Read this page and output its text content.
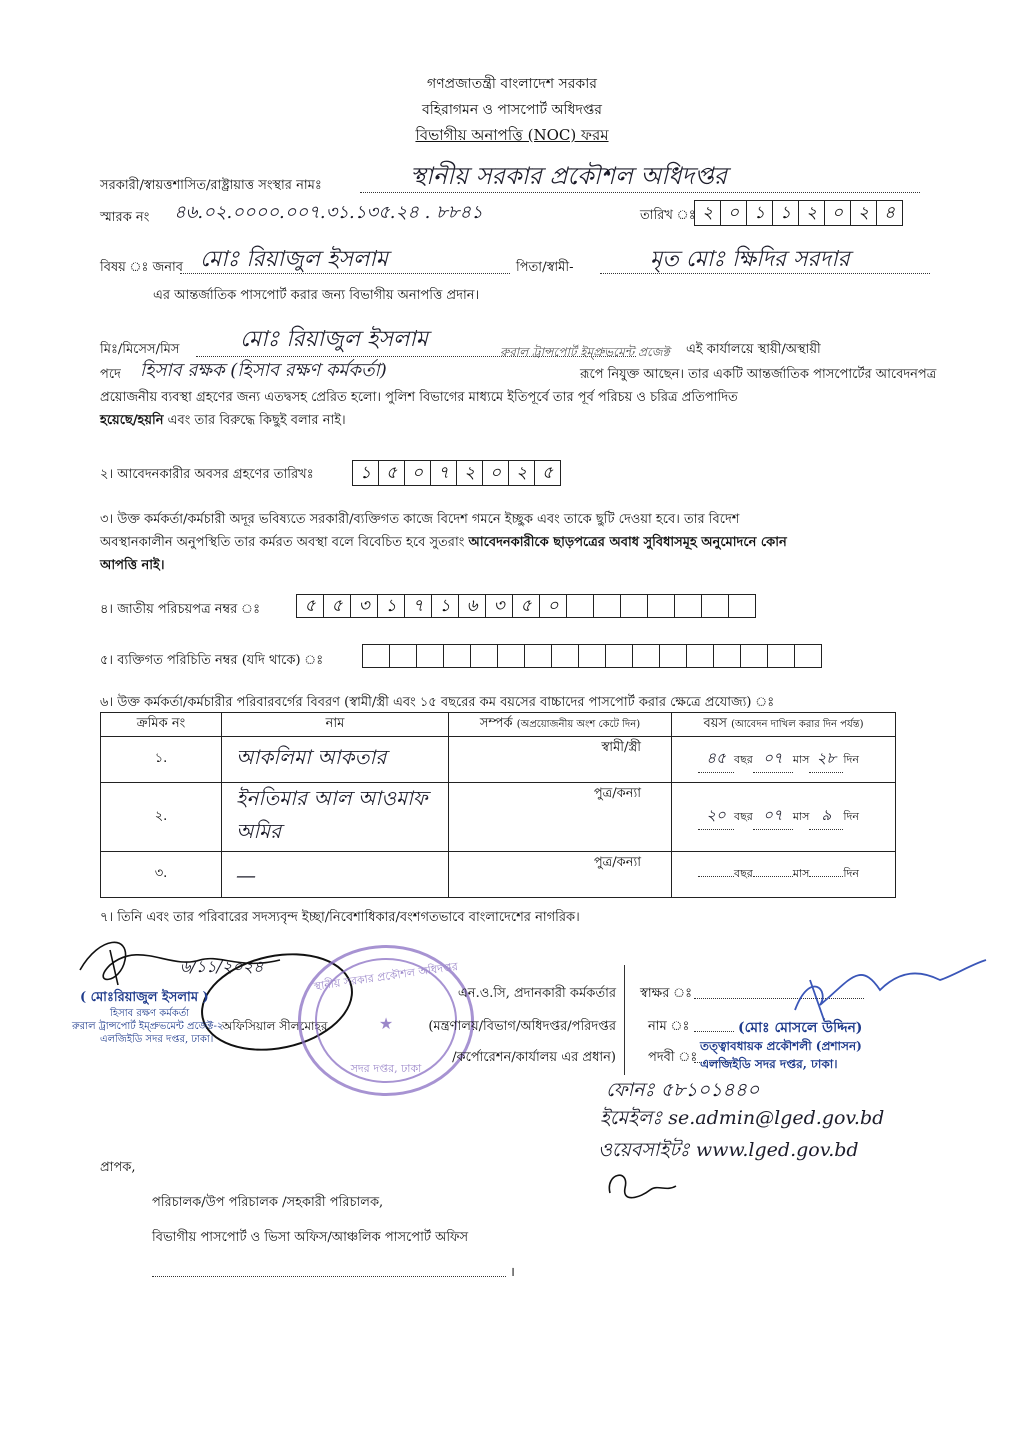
গণপ্রজাতন্ত্রী বাংলাদেশ সরকার
বহিরাগমন ও পাসপোর্ট অধিদপ্তর
বিভাগীয় অনাপত্তি (NOC) ফরম
সরকারী/স্বায়ত্তশাসিত/রাষ্ট্রায়াত্ত সংস্থার নামঃ	স্থানীয় সরকার প্রকৌশল অধিদপ্তর
স্মারক নং ৪৬.০২.০০০০.০০৭.৩১.১৩৫.২৪ . ৮৮৪১	তারিখ ঃ ২ ০ ১ ১ ২ ০ ২ ৪
বিষয় ঃ জনাব মোঃ রিয়াজুল ইসলাম	পিতা/স্বামী-	মৃত মোঃ ক্ষিদির সরদার
এর আন্তর্জাতিক পাসপোর্ট করার জন্য বিভাগীয় অনাপত্তি প্রদান।
মিঃ/মিসেস/মিস	মোঃ রিয়াজুল ইসলাম	রুরাল ট্রান্সপোর্ট ইম্প্রুভমেন্ট প্রজেক্ট এই কার্যালয়ে স্থায়ী/অস্থায়ী
পদে হিসাব রক্ষক (হিসাব রক্ষণ কর্মকর্তা)	রূপে নিযুক্ত আছেন। তার একটি আন্তর্জাতিক পাসপোর্টের আবেদনপত্র
প্রয়োজনীয় ব্যবস্থা গ্রহণের জন্য এতদ্বসহ প্রেরিত হলো। পুলিশ বিভাগের মাধ্যমে ইতিপূর্বে তার পূর্ব পরিচয় ও চরিত্র প্রতিপাদিত
হয়েছে/হয়নি এবং তার বিরুদ্ধে কিছুই বলার নাই।
২। আবেদনকারীর অবসর গ্রহণের তারিখঃ	১ ৫ ০ ৭ ২ ০ ২ ৫
৩। উক্ত কর্মকর্তা/কর্মচারী অদূর ভবিষ্যতে সরকারী/ব্যক্তিগত কাজে বিদেশ গমনে ইচ্ছুক এবং তাকে ছুটি দেওয়া হবে। তার বিদেশ
অবস্থানকালীন অনুপস্থিতি তার কর্মরত অবস্থা বলে বিবেচিত হবে সুতরাং আবেদনকারীকে ছাড়পত্রের অবাধ সুবিধাসমূহ অনুমোদনে কোন
আপত্তি নাই।
৪। জাতীয় পরিচয়পত্র নম্বর ঃ	৫ ৫ ৩ ১ ৭ ১ ৬ ৩ ৫ ০
৫। ব্যক্তিগত পরিচিতি নম্বর (যদি থাকে) ঃ
৬। উক্ত কর্মকর্তা/কর্মচারীর পরিবারবর্গের বিবরণ (স্বামী/স্ত্রী এবং ১৫ বছরের কম বয়সের বাচ্চাদের পাসপোর্ট করার ক্ষেত্রে প্রযোজ্য) ঃ
ক্রমিক নং	নাম	সম্পর্ক (অপ্রয়োজনীয় অংশ কেটে দিন)	বয়স (আবেদন দাখিল করার দিন পর্যন্ত)
১.	আকলিমা আকতার	স্বামী/স্ত্রী	৪৫ বছর ০৭ মাস ২৮ দিন
২.	ইনতিমার আল আওমাফ অমির	পুত্র/কন্যা	২০ বছর ০৭ মাস ৯ দিন
৩.	—	পুত্র/কন্যা	বছর মাস দিন
৭। তিনি এবং তার পরিবারের সদস্যবৃন্দ ইচ্ছা/নিবেশাধিকার/বংশগতভাবে বাংলাদেশের নাগরিক।
৬/১১/২০২৪
( মোঃরিয়াজুল ইসলাম )
হিসাব রক্ষণ কর্মকর্তা
রুরাল ট্রান্সপোর্ট ইম্প্রুভমেন্ট প্রজেক্ট-২
এলজিইডি সদর দপ্তর, ঢাকা।
অফিসিয়াল সীলমোহর
স্থানীয় সরকার প্রকৌশল অধিদপ্তর
★
সদর দপ্তর, ঢাকা
এন.ও.সি, প্রদানকারী কর্মকর্তার
(মন্ত্রণালয়/বিভাগ/অধিদপ্তর/পরিদপ্তর
/কর্পোরেশন/কার্যালয় এর প্রধান)
স্বাক্ষর ঃ
নাম ঃ
পদবী ঃ
(মোঃ মোসলে উদ্দিন)
তত্ত্বাবধায়ক প্রকৌশলী (প্রশাসন)
এলজিইডি সদর দপ্তর, ঢাকা।
ফোনঃ ৫৮১০১৪৪০
ইমেইলঃ se.admin@lged.gov.bd
ওয়েবসাইটঃ www.lged.gov.bd
প্রাপক,
পরিচালক/উপ পরিচালক /সহকারী পরিচালক,
বিভাগীয় পাসপোর্ট ও ভিসা অফিস/আঞ্চলিক পাসপোর্ট অফিস
।
